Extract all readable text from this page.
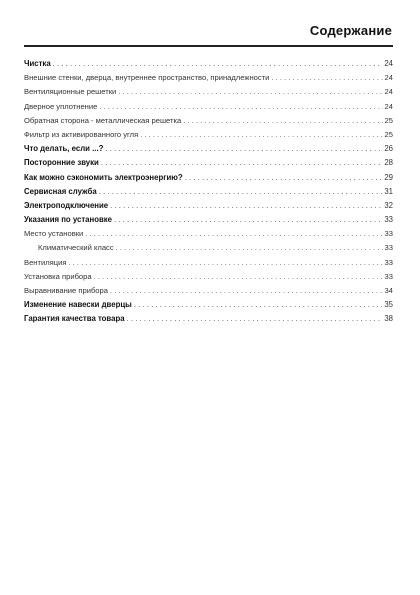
Содержание
Чистка . . .	24
Внешние стенки, дверца, внутреннее пространство, принадлежности . . .	24
Вентиляционные решетки . . .	24
Дверное уплотнение . . .	24
Обратная сторона - металлическая решетка . . .	25
Фильтр из активированного угля . . .	25
Что делать, если ...? . . .	26
Посторонние звуки . . .	28
Как можно сэкономить электроэнергию? . . .	29
Сервисная служба . . .	31
Электроподключение . . .	32
Указания по установке . . .	33
Место установки . . .	33
Климатический класс . . .	33
Вентиляция . . .	33
Установка прибора . . .	33
Выравнивание прибора . . .	34
Изменение навески дверцы . . .	35
Гарантия качества товара . . .	38
